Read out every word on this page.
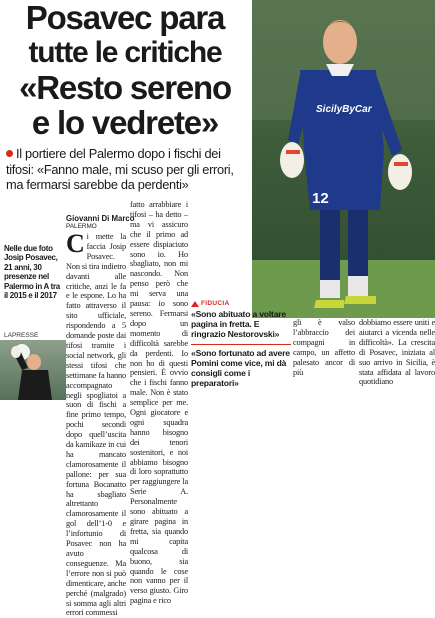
Posavec para
tutte le critiche
«Resto sereno
e lo vedrete»
Il portiere del Palermo dopo i fischi dei tifosi: «Fanno male, mi scuso per gli errori, ma fermarsi sarebbe da perdenti»
SicilyByCar
12
Nelle due foto Josip Posavec, 21 anni, 30 presenze nel Palermo in A tra il 2015 e il 2017
LAPRESSE
Giovanni Di Marco
PALERMO
Ci mette la faccia Josip Posavec. Non si tira indietro davanti alle critiche, anzi le fa e le espone. Lo ha fatto attraverso il sito ufficiale, rispondendo a 5 domande poste dai tifosi tramite i social network, gli stessi tifosi che settimane fa hanno accompagnato negli spogliatoi a suon di fischi a fine primo tempo, pochi secondi dopo quell’uscita da kamikaze in cui ha mancato clamorosamente il pallone: per sua fortuna Bocanatto ha sbagliato altrettanto clamorosamente il gol dell’1-0 e l’infortunio di Posavec non ha avuto conseguenze. Ma l’errore non si può dimenticare, anche perché (malgrado) si somma agli altri errori commessi
fatto arrabbiare i tifosi – ha detto – ma vi assicuro che il primo ad essere dispiaciuto sono io. Ho sbagliato, non mi nascondo. Non penso però che mi serva una pausa: io sono sereno. Fermarsi dopo un momento di difficoltà sarebbe da perdenti. Io non ho di questi pensieri. È ovvio che i fischi fanno male. Non è stato semplice per me. Ogni giocatore e ogni squadra hanno bisogno dei tenori sostenitori, e noi abbiamo bisogno di loro soprattutto per raggiungere la Serie A. Personalmente sono abituato a girare pagina in fretta, sia quando mi capita qualcosa di buono, sia quando le cose non vanno per il verso giusto. Giro pagina e rico
FIDUCIA
«Sono abituato a voltare pagina in fretta. E ringrazio Nestorovski»
«Sono fortunato ad avere Pomini come vice, mi dà consigli come i preparatori»
gli è valso l’abbraccio dei compagni in campo, un affetto palesato ancor di più
dobbiamo essere uniti e aiutarci a vicenda nelle difficoltà». La crescita di Posavec, iniziata al suo arrivo in Sicilia, è stata affidata al lavoro quotidiano
